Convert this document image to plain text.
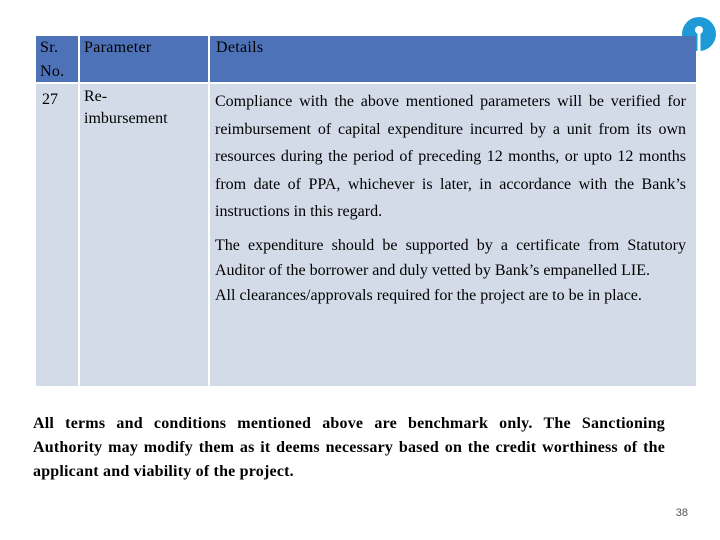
Sr.
No.
Parameter	Details
27 Re-
imbursement

Compliance with the above mentioned parameters will be verified for reimbursement of capital expenditure incurred by a unit from its own resources during the period of preceding 12 months, or upto 12 months from date of PPA, whichever is later, in accordance with the Bank’s instructions in this regard.

The expenditure should be supported by a certificate from Statutory Auditor of the borrower and duly vetted by Bank’s empanelled LIE.

All clearances/approvals required for the project are to be in place.

All terms and conditions mentioned above are benchmark only. The Sanctioning Authority may modify them as it deems necessary based on the credit worthiness of the applicant and viability of the project.
38
